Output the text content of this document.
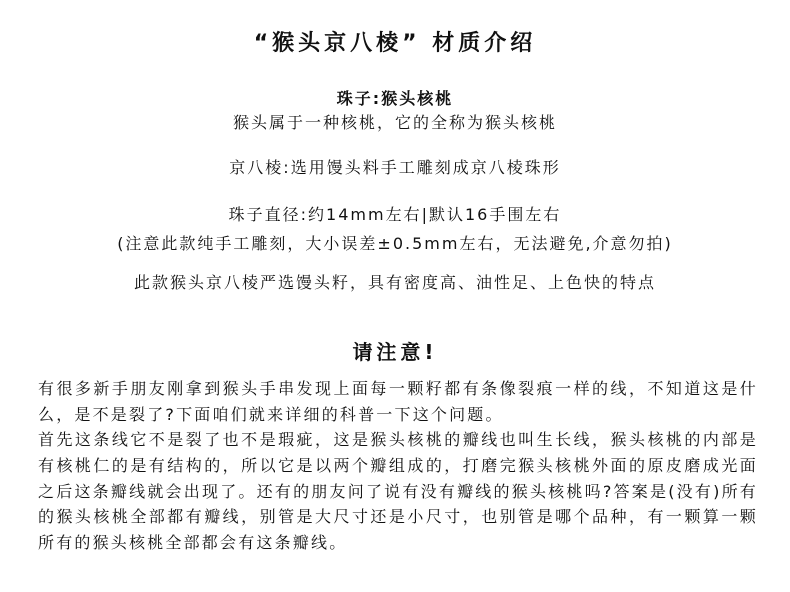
“猴头京八棱” 材质介绍
珠子:猴头核桃
猴头属于一种核桃，它的全称为猴头核桃
京八棱:选用馒头料手工雕刻成京八棱珠形
珠子直径:约14mm左右|默认16手围左右
(注意此款纯手工雕刻，大小误差±0.5mm左右，无法避免,介意勿拍)
此款猴头京八棱严选馒头籽，具有密度高、油性足、上色快的特点
请注意!
有很多新手朋友刚拿到猴头手串发现上面每一颗籽都有条像裂痕一样的线，不知道这是什么，是不是裂了?下面咱们就来详细的科普一下这个问题。
首先这条线它不是裂了也不是瑕疵，这是猴头核桃的瓣线也叫生长线，猴头核桃的内部是有核桃仁的是有结构的，所以它是以两个瓣组成的，打磨完猴头核桃外面的原皮磨成光面之后这条瓣线就会出现了。还有的朋友问了说有没有瓣线的猴头核桃吗?答案是(没有)所有的猴头核桃全部都有瓣线，别管是大尺寸还是小尺寸，也别管是哪个品种，有一颗算一颗所有的猴头核桃全部都会有这条瓣线。
